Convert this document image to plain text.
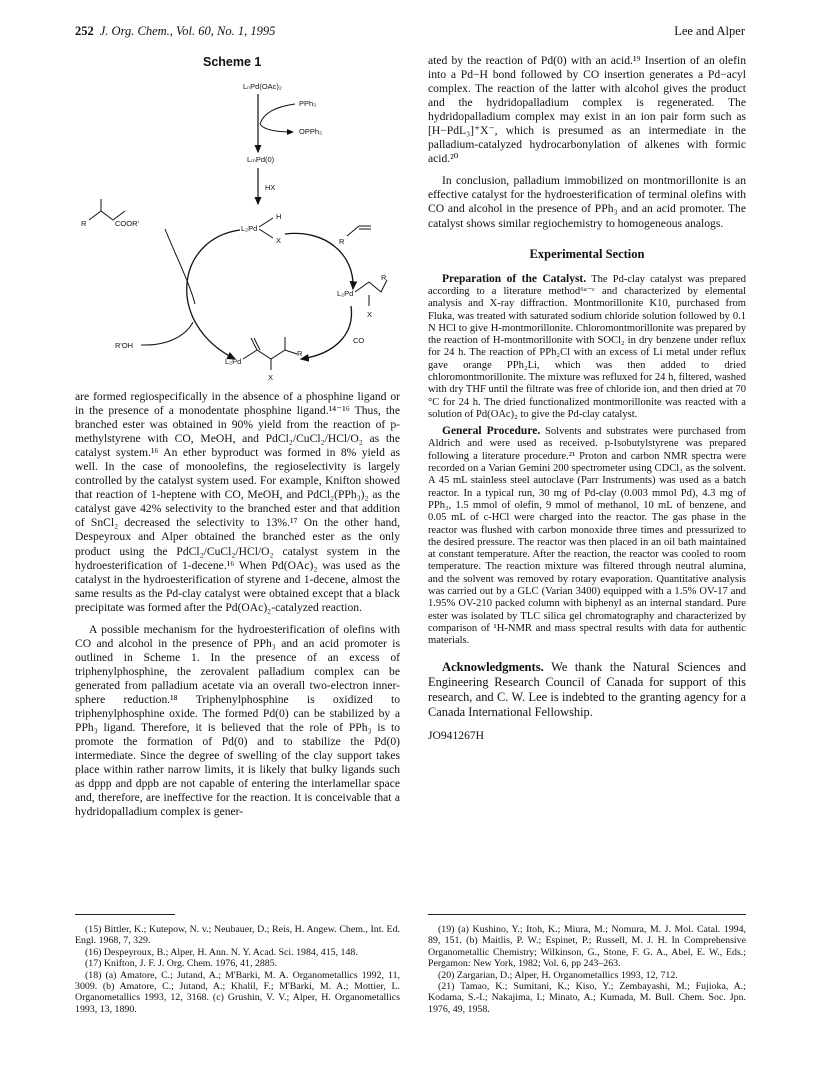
252 J. Org. Chem., Vol. 60, No. 1, 1995	Lee and Alper
Scheme 1
LₙPd(OAc)₂
PPh₃
OPPh₃
LₘPd(0)
HX
L₂Pd
H
X
R	COOR'
R
L₂Pd
R
X
CO
R'OH
L₂Pd
R
X

are formed regiospecifically in the absence of a phosphine ligand or in the presence of a monodentate phosphine ligand.¹⁴⁻¹⁶ Thus, the branched ester was obtained in 90% yield from the reaction of p-methylstyrene with CO, MeOH, and PdCl₂/CuCl₂/HCl/O₂ as the catalyst system.¹⁶ An ether byproduct was formed in 8% yield as well. In the case of monoolefins, the regioselectivity is largely controlled by the catalyst system used. For example, Knifton showed that reaction of 1-heptene with CO, MeOH, and PdCl₂(PPh₃)₂ as the catalyst gave 42% selectivity to the branched ester and that addition of SnCl₂ decreased the selectivity to 13%.¹⁷ On the other hand, Despeyroux and Alper obtained the branched ester as the only product using the PdCl₂/CuCl₂/HCl/O₂ catalyst system in the hydroesterification of 1-decene.¹⁶ When Pd(OAc)₂ was used as the catalyst in the hydroesterification of styrene and 1-decene, almost the same results as the Pd-clay catalyst were obtained except that a black precipitate was formed after the Pd(OAc)₂-catalyzed reaction.

A possible mechanism for the hydroesterification of olefins with CO and alcohol in the presence of PPh₃ and an acid promoter is outlined in Scheme 1. In the presence of an excess of triphenylphosphine, the zerovalent palladium complex can be generated from palladium acetate via an overall two-electron inner-sphere reduction.¹⁸ Triphenylphosphine is oxidized to triphenylphosphine oxide. The formed Pd(0) can be stabilized by a PPh₃ ligand. Therefore, it is believed that the role of PPh₃ is to promote the formation of Pd(0) and to stabilize the Pd(0) intermediate. Since the degree of swelling of the clay support takes place within rather narrow limits, it is likely that bulky ligands such as dppp and dppb are not capable of entering the interlamellar space and, therefore, are ineffective for the reaction. It is conceivable that a hydridopalladium complex is gener-

ated by the reaction of Pd(0) with an acid.¹⁹ Insertion of an olefin into a Pd−H bond followed by CO insertion generates a Pd−acyl complex. The reaction of the latter with alcohol gives the product and the hydridopalladium complex is regenerated. The hydridopalladium complex may exist in an ion pair form such as [H−PdL₃]⁺X⁻, which is presumed as an intermediate in the palladium-catalyzed hydrocarbonylation of alkenes with formic acid.²⁰

In conclusion, palladium immobilized on montmorillonite is an effective catalyst for the hydroesterification of terminal olefins with CO and alcohol in the presence of PPh₃ and an acid promoter. The catalyst shows similar regiochemistry to homogeneous analogs.

Experimental Section

Preparation of the Catalyst. The Pd-clay catalyst was prepared according to a literature method⁶ᵃ⁻ᶜ and characterized by elemental analysis and X-ray diffraction. Montmorillonite K10, purchased from Fluka, was treated with saturated sodium chloride solution followed by 0.1 N HCl to give H-montmorillonite. Chloromontmorillonite was prepared by the reaction of H-montmorillonite with SOCl₂ in dry benzene under reflux for 24 h. The reaction of PPh₂Cl with an excess of Li metal under reflux gave orange PPh₂Li, which was then added to dried chloromontmorillonite. The mixture was refluxed for 24 h, filtered, washed with dry THF until the filtrate was free of chloride ion, and then dried at 70 °C for 24 h. The dried functionalized montmorillonite was reacted with a solution of Pd(OAc)₂ to give the Pd-clay catalyst.

General Procedure. Solvents and substrates were purchased from Aldrich and were used as received. p-Isobutylstyrene was prepared following a literature procedure.²¹ Proton and carbon NMR spectra were recorded on a Varian Gemini 200 spectrometer using CDCl₃ as the solvent. A 45 mL stainless steel autoclave (Parr Instruments) was used as a batch reactor. In a typical run, 30 mg of Pd-clay (0.003 mmol Pd), 4.3 mg of PPh₃, 1.5 mmol of olefin, 9 mmol of methanol, 10 mL of benzene, and 0.05 mL of c-HCl were charged into the reactor. The gas phase in the reactor was flushed with carbon monoxide three times and pressurized to the desired pressure. The reactor was then placed in an oil bath maintained at constant temperature. After the reaction, the reactor was cooled to room temperature. The reaction mixture was filtered through neutral alumina, and the solvent was removed by rotary evaporation. Quantitative analysis was carried out by a GLC (Varian 3400) equipped with a 1.5% OV-17 and 1.95% OV-210 packed column with biphenyl as an internal standard. Pure ester was isolated by TLC silica gel chromatography and characterized by comparison of ¹H-NMR and mass spectral results with data for authentic materials.

Acknowledgments. We thank the Natural Sciences and Engineering Research Council of Canada for support of this research, and C. W. Lee is indebted to the granting agency for a Canada International Fellowship.

JO941267H

(15) Bittler, K.; Kutepow, N. v.; Neubauer, D.; Reis, H. Angew. Chem., Int. Ed. Engl. 1968, 7, 329.
(16) Despeyroux, B.; Alper, H. Ann. N. Y. Acad. Sci. 1984, 415, 148.
(17) Knifton, J. F. J. Org. Chem. 1976, 41, 2885.
(18) (a) Amatore, C.; Jutand, A.; M'Barki, M. A. Organometallics 1992, 11, 3009. (b) Amatore, C.; Jutand, A.; Khalil, F.; M'Barki, M. A.; Mottier, L. Organometallics 1993, 12, 3168. (c) Grushin, V. V.; Alper, H. Organometallics 1993, 13, 1890.
(19) (a) Kushino, Y.; Itoh, K.; Miura, M.; Nomura, M. J. Mol. Catal. 1994, 89, 151. (b) Maitlis, P. W.; Espinet, P.; Russell, M. J. H. In Comprehensive Organometallic Chemistry; Wilkinson, G., Stone, F. G. A., Abel, E. W., Eds.; Pergamon: New York, 1982; Vol. 6, pp 243–263.
(20) Zargarian, D.; Alper, H. Organometallics 1993, 12, 712.
(21) Tamao, K.; Sumitani, K.; Kiso, Y.; Zembayashi, M.; Fujioka, A.; Kodama, S.-I.; Nakajima, I.; Minato, A.; Kumada, M. Bull. Chem. Soc. Jpn. 1976, 49, 1958.
